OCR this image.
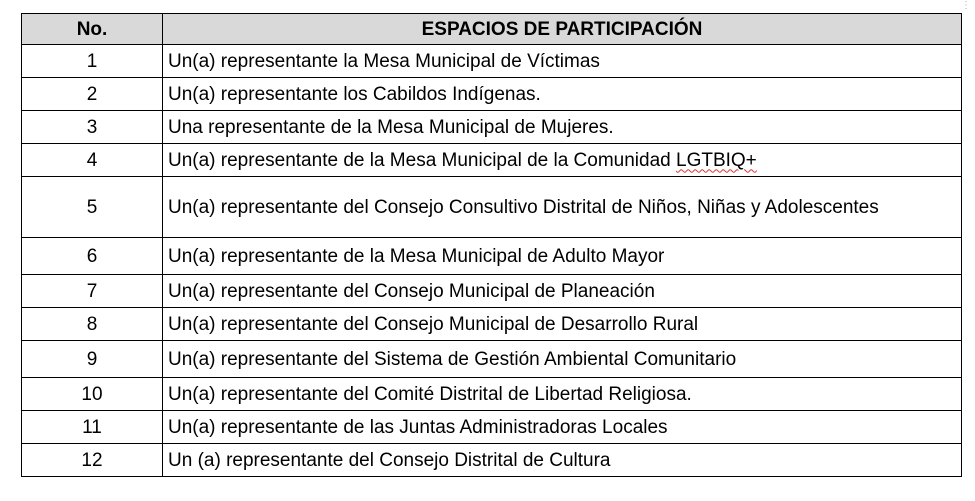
⋮
No.	ESPACIOS DE PARTICIPACIÓN
1	Un(a) representante la Mesa Municipal de Víctimas
2	Un(a) representante los Cabildos Indígenas.
3	Una representante de la Mesa Municipal de Mujeres.
4	Un(a) representante de la Mesa Municipal de la Comunidad LGTBIQ+
5	Un(a) representante del Consejo Consultivo Distrital de Niños, Niñas y Adolescentes
6	Un(a) representante de la Mesa Municipal de Adulto Mayor
7	Un(a) representante del Consejo Municipal de Planeación
8	Un(a) representante del Consejo Municipal de Desarrollo Rural
9	Un(a) representante del Sistema de Gestión Ambiental Comunitario
10	Un(a) representante del Comité Distrital de Libertad Religiosa.
11	Un(a) representante de las Juntas Administradoras Locales
12	Un (a) representante del Consejo Distrital de Cultura
